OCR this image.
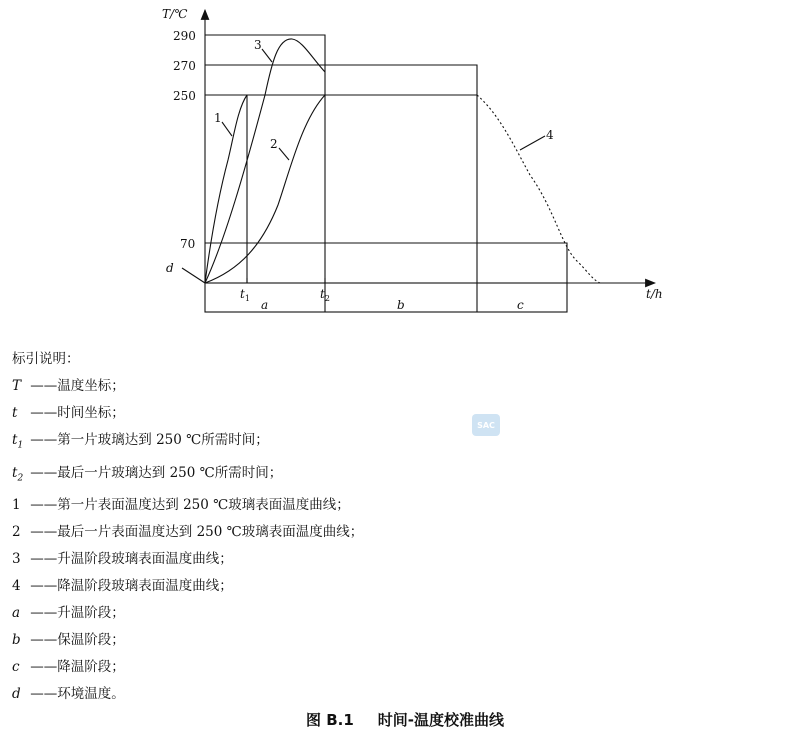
T/℃
290
270
250
70
d
$t_1$	$t_2$	t/h
1
2
3
4
a	b	c
标引说明：
T ——温度坐标；
t ——时间坐标；
$t_1$ ——第一片玻璃达到 250 ℃所需时间；
$t_2$ ——最后一片玻璃达到 250 ℃所需时间；
1 ——第一片表面温度达到 250 ℃玻璃表面温度曲线；
2 ——最后一片表面温度达到 250 ℃玻璃表面温度曲线；
3 ——升温阶段玻璃表面温度曲线；
4 ——降温阶段玻璃表面温度曲线；
a ——升温阶段；
b ——保温阶段；
c ——降温阶段；
d ——环境温度。
SAC
图 B.1 时间-温度校准曲线
